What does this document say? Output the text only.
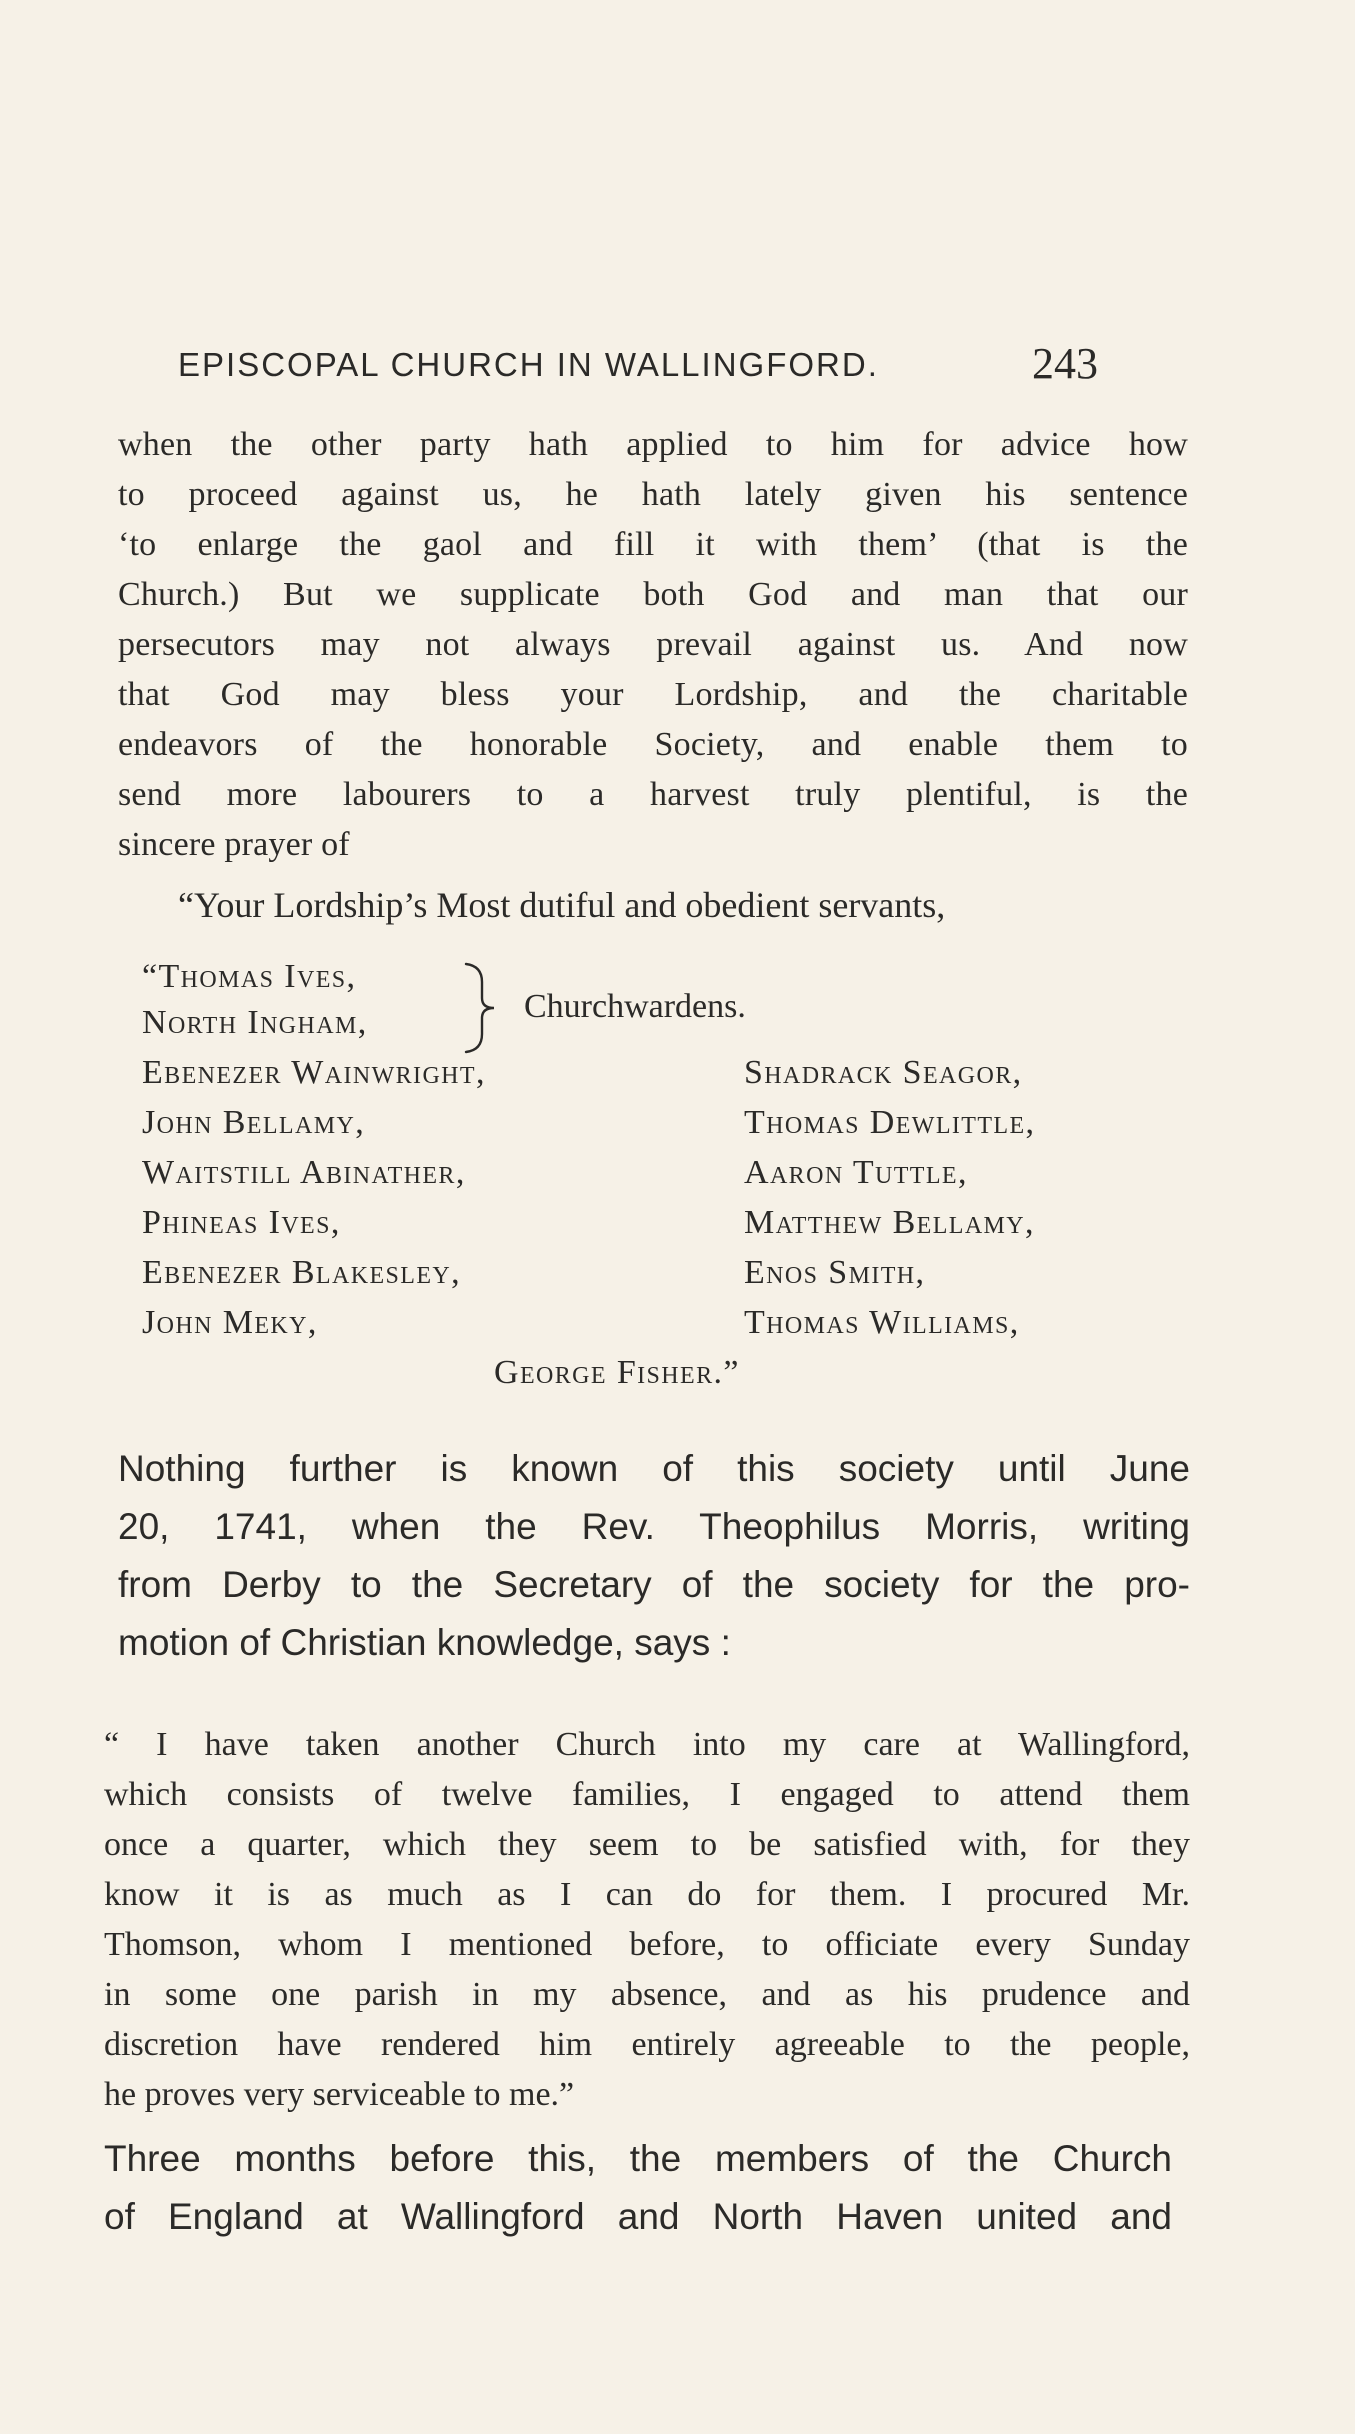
EPISCOPAL CHURCH IN WALLINGFORD.	243
when the other party hath applied to him for advice how
to proceed against us, he hath lately given his sentence
‘to enlarge the gaol and fill it with them’ (that is the
Church.) But we supplicate both God and man that our
persecutors may not always prevail against us. And now
that God may bless your Lordship, and the charitable
endeavors of the honorable Society, and enable them to
send more labourers to a harvest truly plentiful, is the
sincere prayer of
“Your Lordship’s Most dutiful and obedient servants,
“Thomas Ives,
North Ingham,	Churchwardens.
Ebenezer Wainwright,
John Bellamy,
Waitstill Abinather,
Phineas Ives,
Ebenezer Blakesley,
John Meky,
Shadrack Seagor,
Thomas Dewlittle,
Aaron Tuttle,
Matthew Bellamy,
Enos Smith,
Thomas Williams,
George Fisher.”
Nothing further is known of this society until June
20, 1741, when the Rev. Theophilus Morris, writing
from Derby to the Secretary of the society for the pro-
motion of Christian knowledge, says :
“ I have taken another Church into my care at Wallingford,
which consists of twelve families, I engaged to attend them
once a quarter, which they seem to be satisfied with, for they
know it is as much as I can do for them. I procured Mr.
Thomson, whom I mentioned before, to officiate every Sunday
in some one parish in my absence, and as his prudence and
discretion have rendered him entirely agreeable to the people,
he proves very serviceable to me.”
Three months before this, the members of the Church
of England at Wallingford and North Haven united and
